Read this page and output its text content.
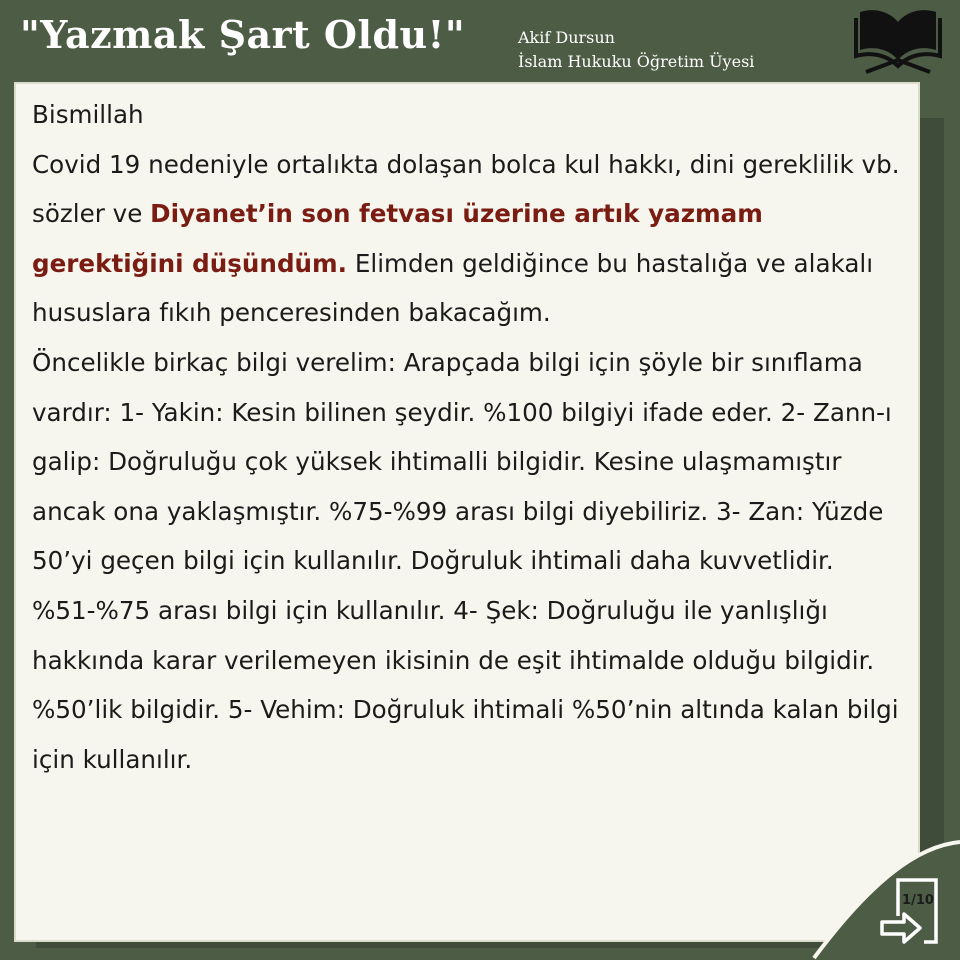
"Yazmak Şart Oldu!"	Akif Dursun
İslam Hukuku Öğretim Üyesi

Bismillah

Covid 19 nedeniyle ortalıkta dolaşan bolca kul hakkı, dini gereklilik vb. sözler ve Diyanet’in son fetvası üzerine artık yazmam gerektiğini düşündüm. Elimden geldiğince bu hastalığa ve alakalı hususlara fıkıh penceresinden bakacağım.

Öncelikle birkaç bilgi verelim: Arapçada bilgi için şöyle bir sınıflama vardır: 1- Yakin: Kesin bilinen şeydir. %100 bilgiyi ifade eder. 2- Zann-ı galip: Doğruluğu çok yüksek ihtimalli bilgidir. Kesine ulaşmamıştır ancak ona yaklaşmıştır. %75-%99 arası bilgi diyebiliriz. 3- Zan: Yüzde 50’yi geçen bilgi için kullanılır. Doğruluk ihtimali daha kuvvetlidir. %51-%75 arası bilgi için kullanılır. 4- Şek: Doğruluğu ile yanlışlığı hakkında karar verilemeyen ikisinin de eşit ihtimalde olduğu bilgidir. %50’lik bilgidir. 5- Vehim: Doğruluk ihtimali %50’nin altında kalan bilgi için kullanılır.

1/10
